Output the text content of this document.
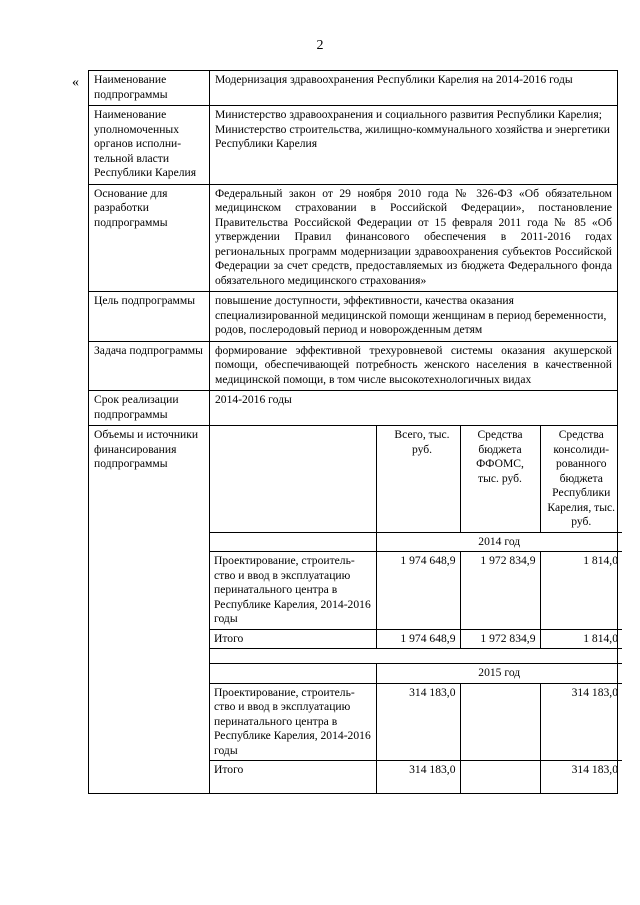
2
« Наименование подпрограммы	Модернизация здравоохранения Республики Карелия на 2014-2016 годы
Наименование уполномоченных органов исполни-тельной власти Республики Карелия	Министерство здравоохранения и социального развития Республики Карелия;
Министерство строительства, жилищно-коммунального хозяйства и энергетики Республики Карелия
Основание для разработки подпрограммы	Федеральный закон от 29 ноября 2010 года № 326-ФЗ «Об обязательном медицинском страховании в Российской Федерации», постановление Правительства Российской Федерации от 15 февраля 2011 года № 85 «Об утверждении Правил финансового обеспечения в 2011-2016 годах региональных программ модернизации здравоохранения субъектов Российской Федерации за счет средств, предоставляемых из бюджета Федерального фонда обязательного медицинского страхования»
Цель подпрограммы	повышение доступности, эффективности, качества оказания специализированной медицинской помощи женщинам в период беременности, родов, послеродовый период и новорожденным детям
Задача подпрограммы	формирование эффективной трехуровневой системы оказания акушерской помощи, обеспечивающей потребность женского населения в качественной медицинской помощи, в том числе высокотехнологичных видах
Срок реализации подпрограммы	2014-2016 годы
Объемы и источники финансирования подпрограммы	
	Всего, тыс. руб.	Средства бюджета ФФОМС, тыс. руб.	Средства консолиди-рованного бюджета Республики Карелия, тыс. руб.
	2014 год
Проектирование, строитель-ство и ввод в эксплуатацию перинатального центра в Республике Карелия, 2014-2016 годы	1 974 648,9	1 972 834,9	1 814,0
Итого	1 974 648,9	1 972 834,9	1 814,0

	2015 год
Проектирование, строитель-ство и ввод в эксплуатацию перинатального центра в Республике Карелия, 2014-2016 годы	314 183,0		314 183,0
Итого	314 183,0		314 183,0
